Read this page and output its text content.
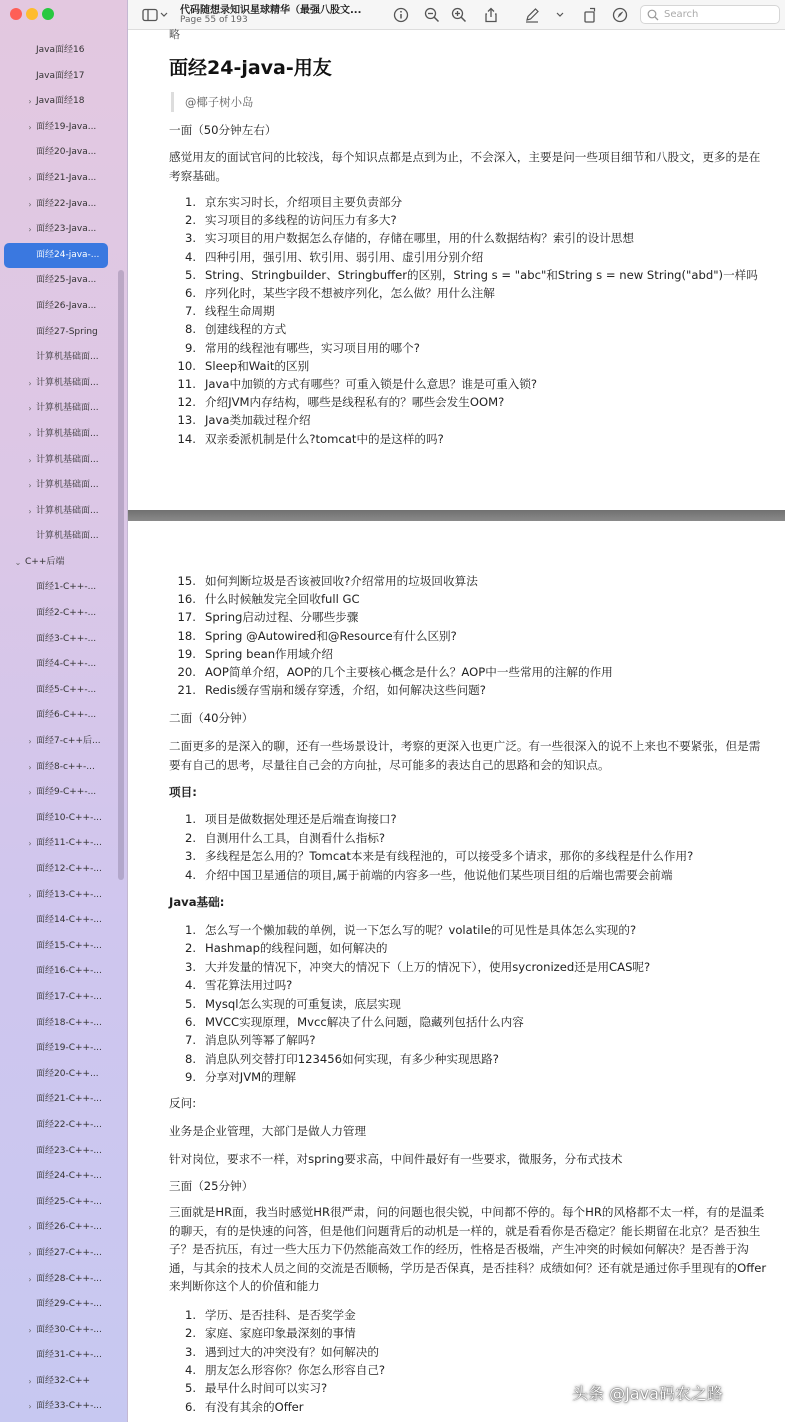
Java面经16
Java面经17
› Java面经18
› 面经19-Java...
面经20-Java...
› 面经21-Java...
› 面经22-Java...
› 面经23-Java...
面经24-java-...
面经25-Java...
面经26-Java...
面经27-Spring
计算机基础面...
› 计算机基础面...
› 计算机基础面...
› 计算机基础面...
› 计算机基础面...
› 计算机基础面...
› 计算机基础面...
计算机基础面...
⌄ C++后端
面经1-C++-...
面经2-C++-...
面经3-C++-...
面经4-C++-...
面经5-C++-...
面经6-C++-...
› 面经7-c++后...
› 面经8-c++-...
› 面经9-C++-...
面经10-C++-...
› 面经11-C++-...
面经12-C++-...
› 面经13-C++-...
面经14-C++-...
面经15-C++-...
面经16-C++-...
面经17-C++-...
面经18-C++-...
面经19-C++-...
面经20-C++...
面经21-C++-...
面经22-C++-...
面经23-C++-...
面经24-C++-...
面经25-C++-...
› 面经26-C++-...
› 面经27-C++-...
› 面经28-C++-...
面经29-C++-...
› 面经30-C++-...
面经31-C++-...
› 面经32-C++
› 面经33-C++-...
代码随想录知识星球精华（最强八股文...
Page 55 of 193	Search
略
面经24-java-用友
@椰子树小岛
一面（50分钟左右）
感觉用友的面试官问的比较浅，每个知识点都是点到为止，不会深入，主要是问一些项目细节和八股文，更多的是在考察基础。
1. 京东实习时长，介绍项目主要负责部分
2. 实习项目的多线程的访问压力有多大?
3. 实习项目的用户数据怎么存储的，存储在哪里，用的什么数据结构？索引的设计思想
4. 四种引用，强引用、软引用、弱引用、虚引用分别介绍
5. String、Stringbuilder、Stringbuffer的区别，String s = "abc"和String s = new String("abd")一样吗
6. 序列化时，某些字段不想被序列化，怎么做？用什么注解
7. 线程生命周期
8. 创建线程的方式
9. 常用的线程池有哪些，实习项目用的哪个?
10. Sleep和Wait的区别
11. Java中加锁的方式有哪些？可重入锁是什么意思？谁是可重入锁?
12. 介绍JVM内存结构，哪些是线程私有的？哪些会发生OOM?
13. Java类加载过程介绍
14. 双亲委派机制是什么?tomcat中的是这样的吗?
15. 如何判断垃圾是否该被回收?介绍常用的垃圾回收算法
16. 什么时候触发完全回收full GC
17. Spring启动过程、分哪些步骤
18. Spring @Autowired和@Resource有什么区别?
19. Spring bean作用域介绍
20. AOP简单介绍，AOP的几个主要核心概念是什么？AOP中一些常用的注解的作用
21. Redis缓存雪崩和缓存穿透，介绍，如何解决这些问题?
二面（40分钟）
二面更多的是深入的聊，还有一些场景设计，考察的更深入也更广泛。有一些很深入的说不上来也不要紧张，但是需要有自己的思考，尽量往自己会的方向扯，尽可能多的表达自己的思路和会的知识点。
项目:
1. 项目是做数据处理还是后端查询接口?
2. 自测用什么工具，自测看什么指标?
3. 多线程是怎么用的？Tomcat本来是有线程池的，可以接受多个请求，那你的多线程是什么作用?
4. 介绍中国卫星通信的项目,属于前端的内容多一些，他说他们某些项目组的后端也需要会前端
Java基础:
1. 怎么写一个懒加载的单例，说一下怎么写的呢？volatile的可见性是具体怎么实现的?
2. Hashmap的线程问题，如何解决的
3. 大并发量的情况下，冲突大的情况下（上万的情况下），使用sycronized还是用CAS呢?
4. 雪花算法用过吗?
5. Mysql怎么实现的可重复读，底层实现
6. MVCC实现原理，Mvcc解决了什么问题，隐藏列包括什么内容
7. 消息队列等幂了解吗?
8. 消息队列交替打印123456如何实现，有多少种实现思路?
9. 分享对JVM的理解
反问:
业务是企业管理，大部门是做人力管理
针对岗位，要求不一样，对spring要求高，中间件最好有一些要求，微服务，分布式技术
三面（25分钟）
三面就是HR面，我当时感觉HR很严肃，问的问题也很尖锐，中间都不停的。每个HR的风格都不太一样，有的是温柔的聊天，有的是快速的问答，但是他们问题背后的动机是一样的，就是看看你是否稳定？能长期留在北京？是否独生子？是否抗压，有过一些大压力下仍然能高效工作的经历，性格是否极端，产生冲突的时候如何解决？是否善于沟通，与其余的技术人员之间的交流是否顺畅，学历是否保真，是否挂科？成绩如何？还有就是通过你手里现有的Offer来判断你这个人的价值和能力
1. 学历、是否挂科、是否奖学金
2. 家庭、家庭印象最深刻的事情
3. 遇到过大的冲突没有？如何解决的
4. 朋友怎么形容你？你怎么形容自己?
5. 最早什么时间可以实习?
6. 有没有其余的Offer
头条 @Java码农之路
